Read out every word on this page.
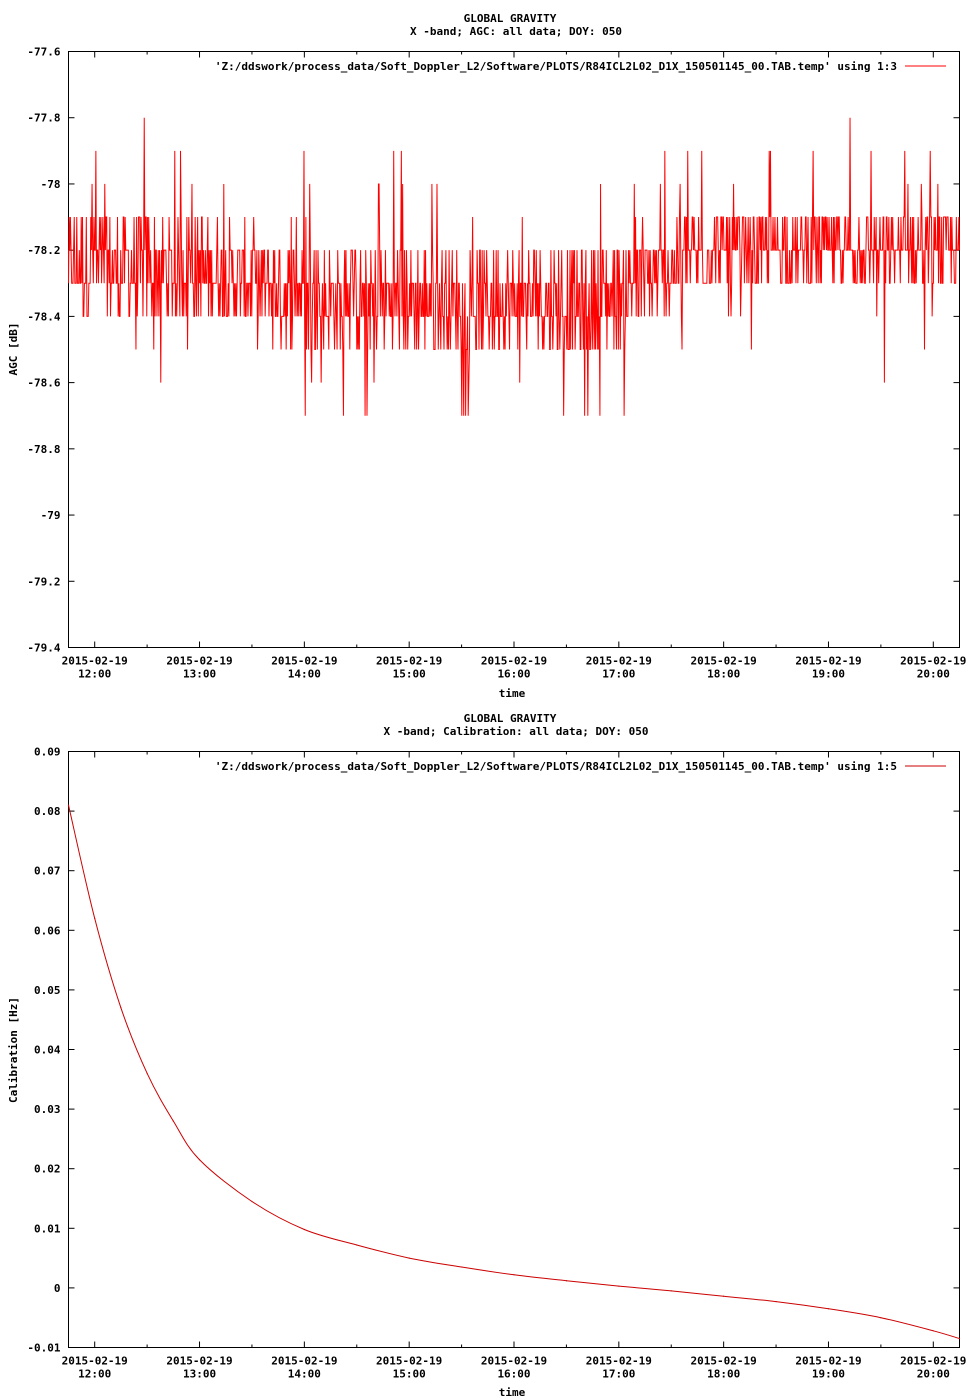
GLOBAL GRAVITY
X -band; AGC: all data; DOY: 050
-77.6
-77.8
-78
-78.2
-78.4
-78.6
-78.8
-79
-79.2
-79.4
2015-02-19
12:00
2015-02-19
13:00
2015-02-19
14:00
2015-02-19
15:00
2015-02-19
16:00
2015-02-19
17:00
2015-02-19
18:00
2015-02-19
19:00
2015-02-19
20:00
'Z:/ddswork/process_data/Soft_Doppler_L2/Software/PLOTS/R84ICL2L02_D1X_150501145_00.TAB.temp' using 1:3
time
AGC [dB]
GLOBAL GRAVITY
X -band; Calibration: all data; DOY: 050
0.09
0.08
0.07
0.06
0.05
0.04
0.03
0.02
0.01
0
-0.01
2015-02-19
12:00
2015-02-19
13:00
2015-02-19
14:00
2015-02-19
15:00
2015-02-19
16:00
2015-02-19
17:00
2015-02-19
18:00
2015-02-19
19:00
2015-02-19
20:00
'Z:/ddswork/process_data/Soft_Doppler_L2/Software/PLOTS/R84ICL2L02_D1X_150501145_00.TAB.temp' using 1:5
time
Calibration [Hz]
